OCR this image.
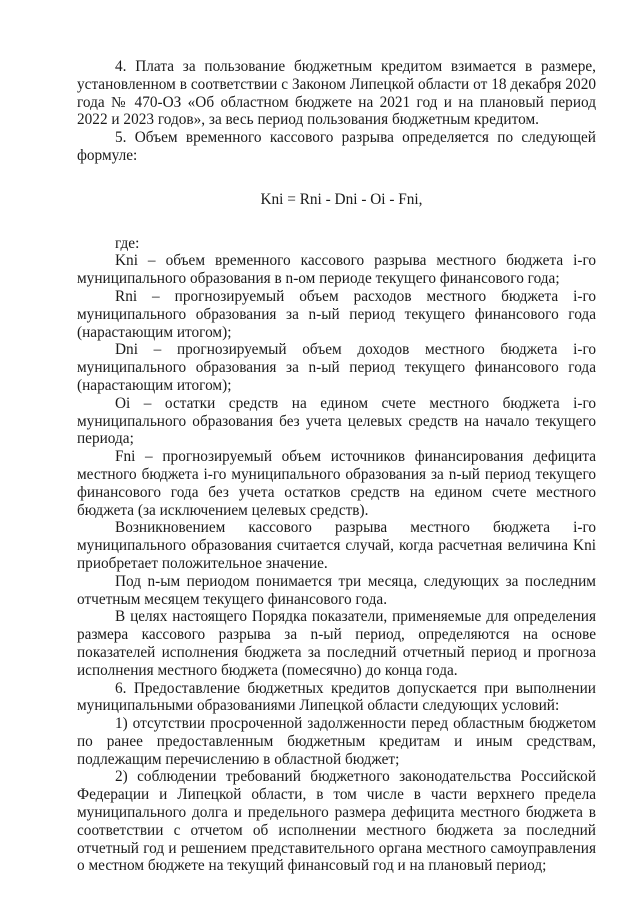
4. Плата за пользование бюджетным кредитом взимается в размере, установленном в соответствии с Законом Липецкой области от 18 декабря 2020 года № 470-ОЗ «Об областном бюджете на 2021 год и на плановый период 2022 и 2023 годов», за весь период пользования бюджетным кредитом.

5. Объем временного кассового разрыва определяется по следующей формуле:

Kni = Rni - Dni - Oi - Fni,

где:

Kni – объем временного кассового разрыва местного бюджета i-го муниципального образования в n-ом периоде текущего финансового года;

Rni – прогнозируемый объем расходов местного бюджета i-го муниципального образования за n-ый период текущего финансового года (нарастающим итогом);

Dni – прогнозируемый объем доходов местного бюджета i-го муниципального образования за n-ый период текущего финансового года (нарастающим итогом);

Oi – остатки средств на едином счете местного бюджета i-го муниципального образования без учета целевых средств на начало текущего периода;

Fni – прогнозируемый объем источников финансирования дефицита местного бюджета i-го муниципального образования за n-ый период текущего финансового года без учета остатков средств на едином счете местного бюджета (за исключением целевых средств).

Возникновением кассового разрыва местного бюджета i-го муниципального образования считается случай, когда расчетная величина Kni приобретает положительное значение.

Под n-ым периодом понимается три месяца, следующих за последним отчетным месяцем текущего финансового года.

В целях настоящего Порядка показатели, применяемые для определения размера кассового разрыва за n-ый период, определяются на основе показателей исполнения бюджета за последний отчетный период и прогноза исполнения местного бюджета (помесячно) до конца года.

6. Предоставление бюджетных кредитов допускается при выполнении муниципальными образованиями Липецкой области следующих условий:

1) отсутствии просроченной задолженности перед областным бюджетом по ранее предоставленным бюджетным кредитам и иным средствам, подлежащим перечислению в областной бюджет;

2) соблюдении требований бюджетного законодательства Российской Федерации и Липецкой области, в том числе в части верхнего предела муниципального долга и предельного размера дефицита местного бюджета в соответствии с отчетом об исполнении местного бюджета за последний отчетный год и решением представительного органа местного самоуправления о местном бюджете на текущий финансовый год и на плановый период;
